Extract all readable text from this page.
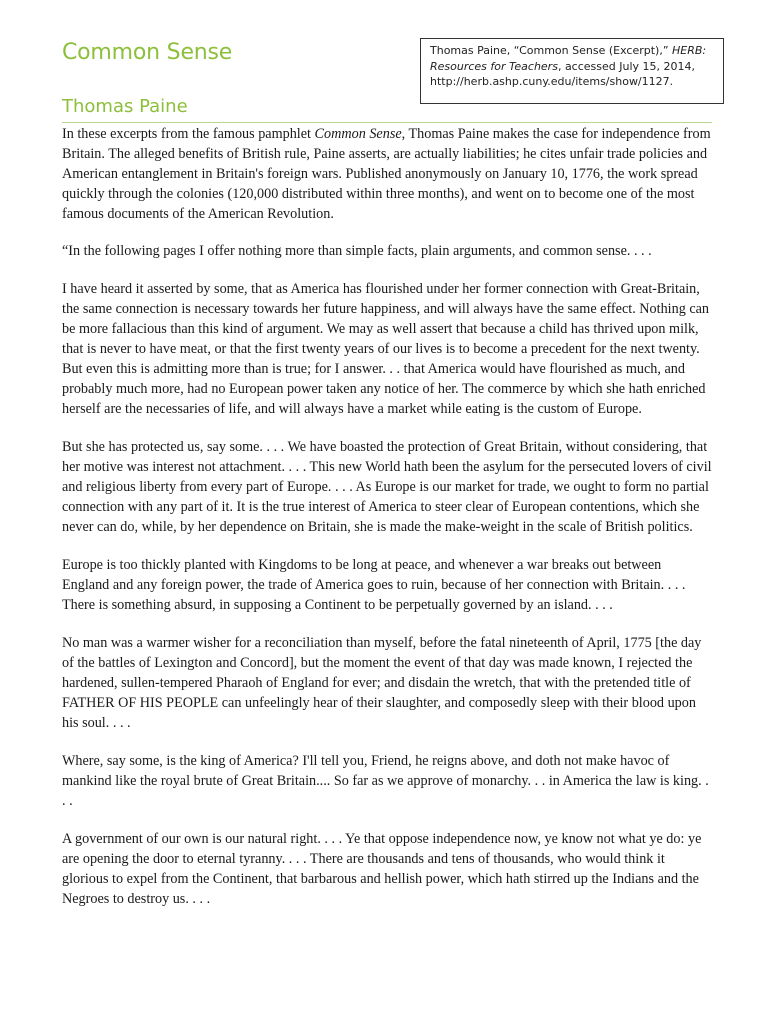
Common Sense	Thomas Paine, “Common Sense (Excerpt),” HERB: Resources for Teachers, accessed July 15, 2014, http://herb.ashp.cuny.edu/items/show/1127.
Thomas Paine

In these excerpts from the famous pamphlet Common Sense, Thomas Paine makes the case for independence from Britain. The alleged benefits of British rule, Paine asserts, are actually liabilities; he cites unfair trade policies and American entanglement in Britain's foreign wars. Published anonymously on January 10, 1776, the work spread quickly through the colonies (120,000 distributed within three months), and went on to become one of the most famous documents of the American Revolution.

“In the following pages I offer nothing more than simple facts, plain arguments, and common sense. . . .

I have heard it asserted by some, that as America has flourished under her former connection with Great-Britain, the same connection is necessary towards her future happiness, and will always have the same effect. Nothing can be more fallacious than this kind of argument. We may as well assert that because a child has thrived upon milk, that is never to have meat, or that the first twenty years of our lives is to become a precedent for the next twenty. But even this is admitting more than is true; for I answer. . . that America would have flourished as much, and probably much more, had no European power taken any notice of her. The commerce by which she hath enriched herself are the necessaries of life, and will always have a market while eating is the custom of Europe.

But she has protected us, say some. . . . We have boasted the protection of Great Britain, without considering, that her motive was interest not attachment. . . . This new World hath been the asylum for the persecuted lovers of civil and religious liberty from every part of Europe. . . . As Europe is our market for trade, we ought to form no partial connection with any part of it. It is the true interest of America to steer clear of European contentions, which she never can do, while, by her dependence on Britain, she is made the make-weight in the scale of British politics.

Europe is too thickly planted with Kingdoms to be long at peace, and whenever a war breaks out between England and any foreign power, the trade of America goes to ruin, because of her connection with Britain. . . . There is something absurd, in supposing a Continent to be perpetually governed by an island. . . .

No man was a warmer wisher for a reconciliation than myself, before the fatal nineteenth of April, 1775 [the day of the battles of Lexington and Concord], but the moment the event of that day was made known, I rejected the hardened, sullen-tempered Pharaoh of England for ever; and disdain the wretch, that with the pretended title of FATHER OF HIS PEOPLE can unfeelingly hear of their slaughter, and composedly sleep with their blood upon his soul. . . .

Where, say some, is the king of America? I'll tell you, Friend, he reigns above, and doth not make havoc of mankind like the royal brute of Great Britain.... So far as we approve of monarchy. . . in America the law is king. . . .

A government of our own is our natural right. . . . Ye that oppose independence now, ye know not what ye do: ye are opening the door to eternal tyranny. . . . There are thousands and tens of thousands, who would think it glorious to expel from the Continent, that barbarous and hellish power, which hath stirred up the Indians and the Negroes to destroy us. . . .
